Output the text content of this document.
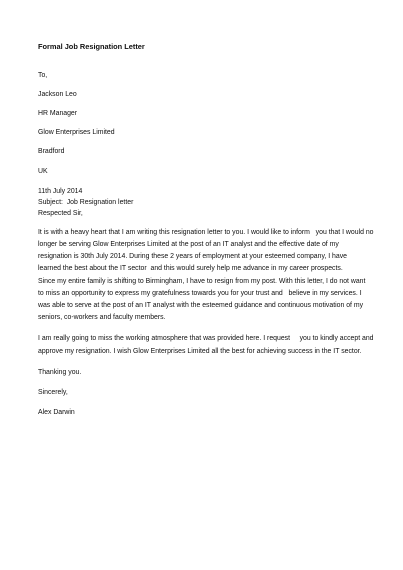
Formal Job Resignation Letter
To,
Jackson Leo
HR Manager
Glow Enterprises Limited
Bradford
UK
11th July 2014
Subject:  Job Resignation letter
Respected Sir,
It is with a heavy heart that I am writing this resignation letter to you. I would like to inform   you that I would no
longer be serving Glow Enterprises Limited at the post of an IT analyst and the effective date of my
resignation is 30th July 2014. During these 2 years of employment at your esteemed company, I have
learned the best about the IT sector  and this would surely help me advance in my career prospects.
Since my entire family is shifting to Birmingham, I have to resign from my post. With this letter, I do not want
to miss an opportunity to express my gratefulness towards you for your trust and   believe in my services. I
was able to serve at the post of an IT analyst with the esteemed guidance and continuous motivation of my
seniors, co-workers and faculty members.
I am really going to miss the working atmosphere that was provided here. I request     you to kindly accept and
approve my resignation. I wish Glow Enterprises Limited all the best for achieving success in the IT sector.
Thanking you.
Sincerely,
Alex Darwin
